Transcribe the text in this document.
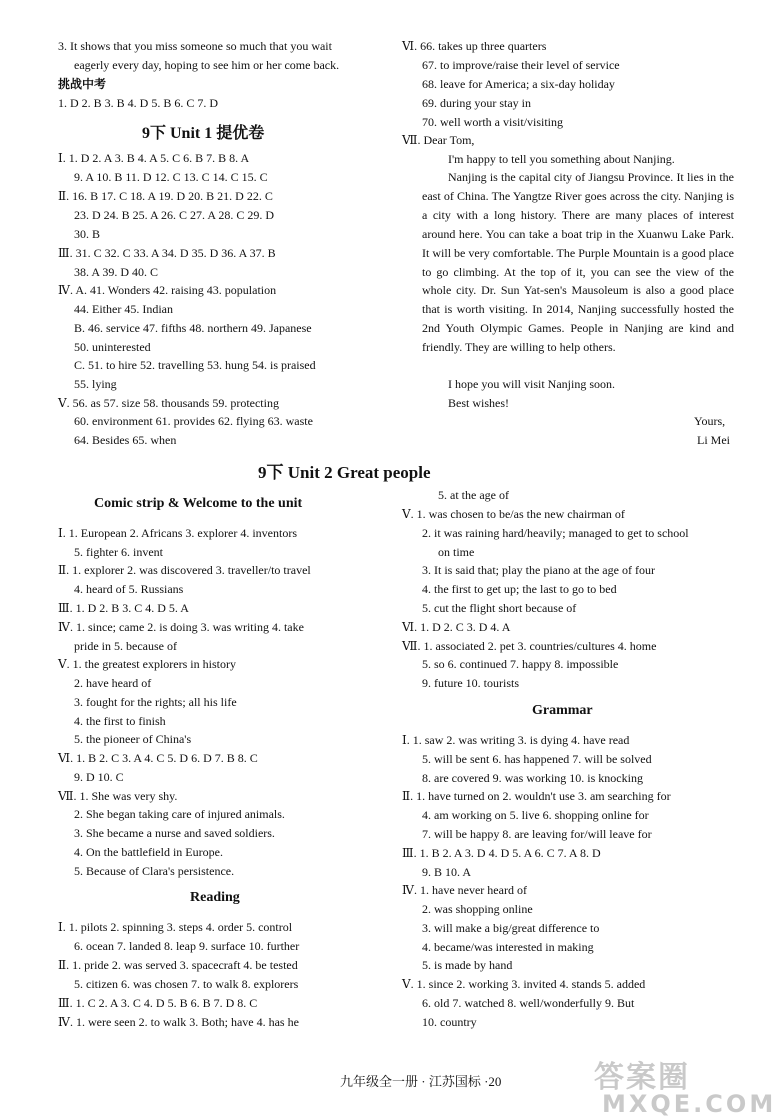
3. It shows that you miss someone so much that you wait
eagerly every day, hoping to see him or her come back.
挑战中考
1. D 2. B 3. B 4. D 5. B 6. C 7. D
9下 Unit 1 提优卷
Ⅰ. 1. D 2. A 3. B 4. A 5. C 6. B 7. B 8. A
9. A 10. B 11. D 12. C 13. C 14. C 15. C
Ⅱ. 16. B 17. C 18. A 19. D 20. B 21. D 22. C
23. D 24. B 25. A 26. C 27. A 28. C 29. D
30. B
Ⅲ. 31. C 32. C 33. A 34. D 35. D 36. A 37. B
38. A 39. D 40. C
Ⅳ. A. 41. Wonders 42. raising 43. population
44. Either 45. Indian
B. 46. service 47. fifths 48. northern 49. Japanese
50. uninterested
C. 51. to hire 52. travelling 53. hung 54. is praised
55. lying
Ⅴ. 56. as 57. size 58. thousands 59. protecting
60. environment 61. provides 62. flying 63. waste
64. Besides 65. when
Ⅵ. 66. takes up three quarters
67. to improve/raise their level of service
68. leave for America; a six-day holiday
69. during your stay in
70. well worth a visit/visiting
Ⅶ. Dear Tom,
I'm happy to tell you something about Nanjing.
Nanjing is the capital city of Jiangsu Province. It lies in the east of China. The Yangtze River goes across the city. Nanjing is a city with a long history. There are many places of interest around here. You can take a boat trip in the Xuanwu Lake Park. It will be very comfortable. The Purple Mountain is a good place to go climbing. At the top of it, you can see the view of the whole city. Dr. Sun Yat-sen's Mausoleum is also a good place that is worth visiting. In 2014, Nanjing successfully hosted the 2nd Youth Olympic Games. People in Nanjing are kind and friendly. They are willing to help others.
I hope you will visit Nanjing soon.
Best wishes!
Yours,
Li Mei
9下 Unit 2 Great people
Comic strip & Welcome to the unit
Ⅰ. 1. European 2. Africans 3. explorer 4. inventors
5. fighter 6. invent
Ⅱ. 1. explorer 2. was discovered 3. traveller/to travel
4. heard of 5. Russians
Ⅲ. 1. D 2. B 3. C 4. D 5. A
Ⅳ. 1. since; came 2. is doing 3. was writing 4. take
pride in 5. because of
Ⅴ. 1. the greatest explorers in history
2. have heard of
3. fought for the rights; all his life
4. the first to finish
5. the pioneer of China's
Ⅵ. 1. B 2. C 3. A 4. C 5. D 6. D 7. B 8. C
9. D 10. C
Ⅶ. 1. She was very shy.
2. She began taking care of injured animals.
3. She became a nurse and saved soldiers.
4. On the battlefield in Europe.
5. Because of Clara's persistence.
Reading
Ⅰ. 1. pilots 2. spinning 3. steps 4. order 5. control
6. ocean 7. landed 8. leap 9. surface 10. further
Ⅱ. 1. pride 2. was served 3. spacecraft 4. be tested
5. citizen 6. was chosen 7. to walk 8. explorers
Ⅲ. 1. C 2. A 3. C 4. D 5. B 6. B 7. D 8. C
Ⅳ. 1. were seen 2. to walk 3. Both; have 4. has he
5. at the age of
Ⅴ. 1. was chosen to be/as the new chairman of
2. it was raining hard/heavily; managed to get to school
on time
3. It is said that; play the piano at the age of four
4. the first to get up; the last to go to bed
5. cut the flight short because of
Ⅵ. 1. D 2. C 3. D 4. A
Ⅶ. 1. associated 2. pet 3. countries/cultures 4. home
5. so 6. continued 7. happy 8. impossible
9. future 10. tourists
Grammar
Ⅰ. 1. saw 2. was writing 3. is dying 4. have read
5. will be sent 6. has happened 7. will be solved
8. are covered 9. was working 10. is knocking
Ⅱ. 1. have turned on 2. wouldn't use 3. am searching for
4. am working on 5. live 6. shopping online for
7. will be happy 8. are leaving for/will leave for
Ⅲ. 1. B 2. A 3. D 4. D 5. A 6. C 7. A 8. D
9. B 10. A
Ⅳ. 1. have never heard of
2. was shopping online
3. will make a big/great difference to
4. became/was interested in making
5. is made by hand
Ⅴ. 1. since 2. working 3. invited 4. stands 5. added
6. old 7. watched 8. well/wonderfully 9. But
10. country
九年级全一册 · 江苏国标 ·20	答案圈
MXQE.COM
